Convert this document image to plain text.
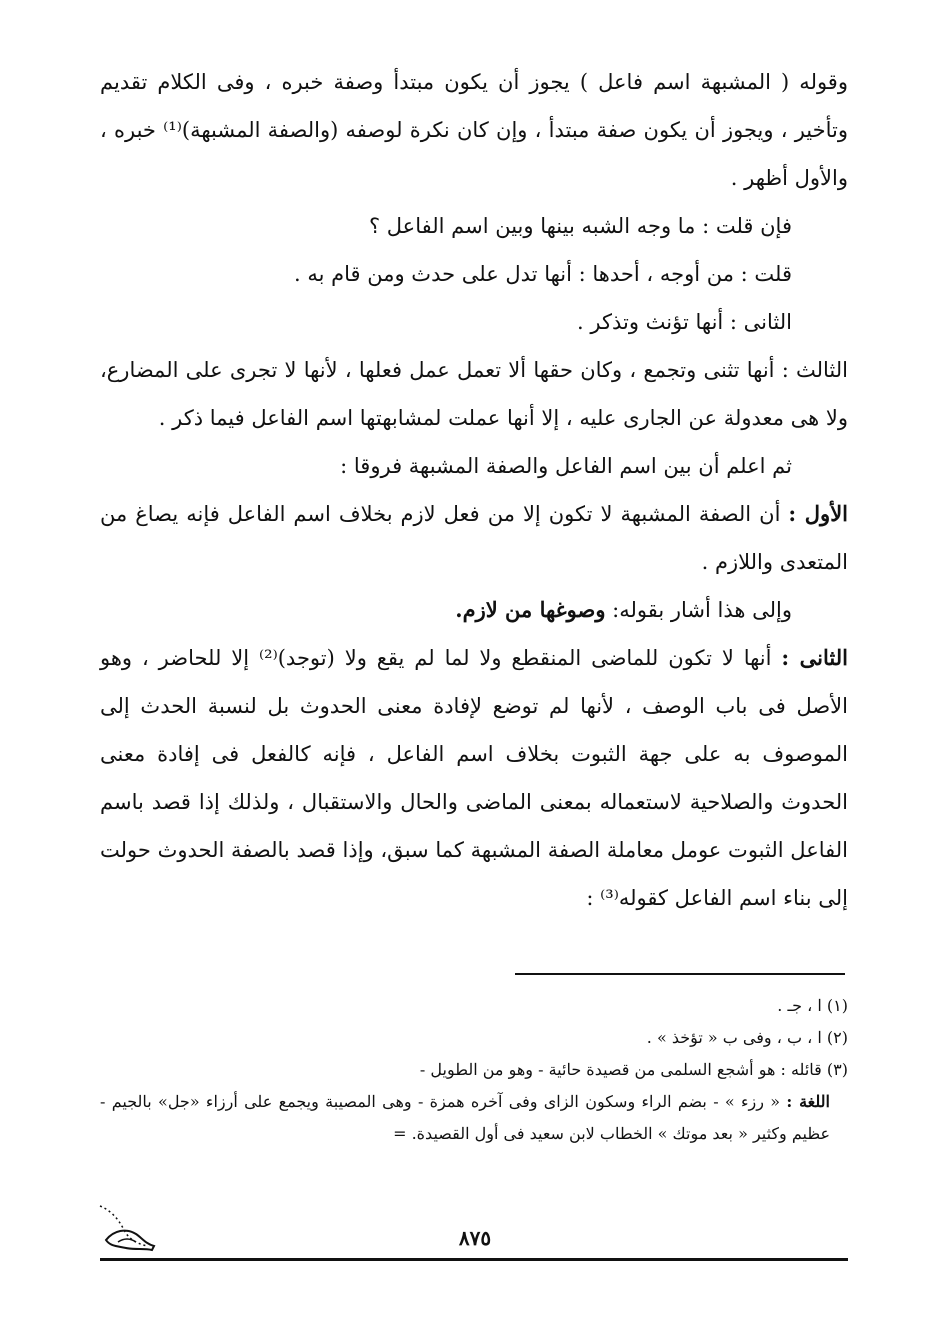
وقوله ( المشبهة اسم فاعل ) يجوز أن يكون مبتدأ وصفة خبره ، وفى الكلام تقديم وتأخير ، ويجوز أن يكون صفة مبتدأ ، وإن كان نكرة لوصفه (والصفة المشبهة)⁽¹⁾ خبره ، والأول أظهر .

فإن قلت : ما وجه الشبه بينها وبين اسم الفاعل ؟

قلت : من أوجه ، أحدها : أنها تدل على حدث ومن قام به .

الثانى : أنها تؤنث وتذكر .

الثالث : أنها تثنى وتجمع ، وكان حقها ألا تعمل عمل فعلها ، لأنها لا تجرى على المضارع، ولا هى معدولة عن الجارى عليه ، إلا أنها عملت لمشابهتها اسم الفاعل فيما ذكر .

ثم اعلم أن بين اسم الفاعل والصفة المشبهة فروقا :

الأول : أن الصفة المشبهة لا تكون إلا من فعل لازم بخلاف اسم الفاعل فإنه يصاغ من المتعدى واللازم .

وإلى هذا أشار بقوله: وصوغها من لازم.

الثانى : أنها لا تكون للماضى المنقطع ولا لما لم يقع ولا (توجد)⁽²⁾ إلا للحاضر ، وهو الأصل فى باب الوصف ، لأنها لم توضع لإفادة معنى الحدوث بل لنسبة الحدث إلى الموصوف به على جهة الثبوت بخلاف اسم الفاعل ، فإنه كالفعل فى إفادة معنى الحدوث والصلاحية لاستعماله بمعنى الماضى والحال والاستقبال ، ولذلك إذا قصد باسم الفاعل الثبوت عومل معاملة الصفة المشبهة كما سبق، وإذا قصد بالصفة الحدوث حولت إلى بناء اسم الفاعل كقوله⁽³⁾ :

(١) ا ، جـ .

(٢) ا ، ب ، وفى ب « تؤخذ » .

(٣) قائله : هو أشجع السلمى من قصيدة حائية - وهو من الطويل -

اللغة : « رزء » - بضم الراء وسكون الزاى وفى آخره همزة - وهى المصيبة ويجمع على أرزاء «جل» بالجيم - عظيم وكثير « بعد موتك » الخطاب لابن سعيد فى أول القصيدة. =

٨٧٥
